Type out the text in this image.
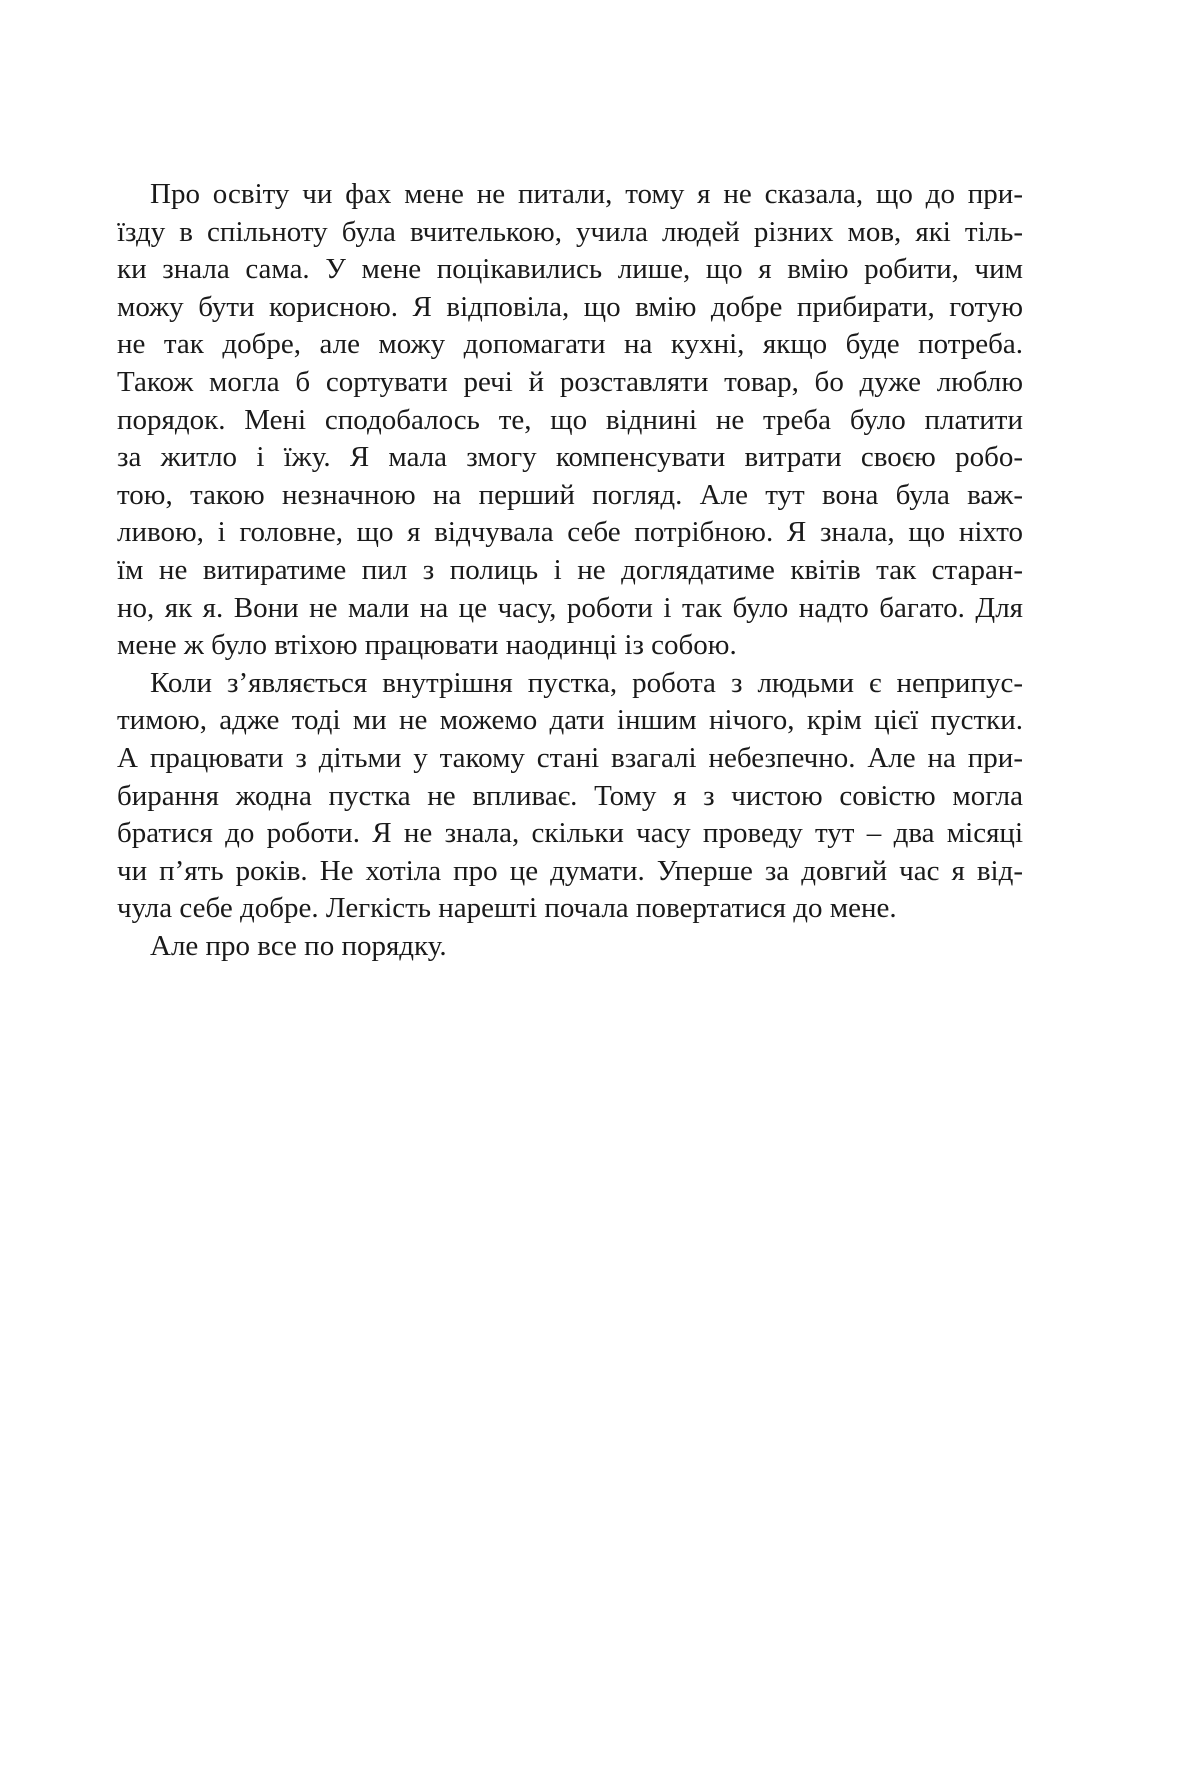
Про освіту чи фах мене не питали, тому я не сказала, що до при-
їзду в спільноту була вчителькою, учила людей різних мов, які тіль-
ки знала сама. У мене поцікавились лише, що я вмію робити, чим
можу бути корисною. Я відповіла, що вмію добре прибирати, готую
не так добре, але можу допомагати на кухні, якщо буде потреба.
Також могла б сортувати речі й розставляти товар, бо дуже люблю
порядок. Мені сподобалось те, що віднині не треба було платити
за житло і їжу. Я мала змогу компенсувати витрати своєю робо-
тою, такою незначною на перший погляд. Але тут вона була важ-
ливою, і головне, що я відчувала себе потрібною. Я знала, що ніхто
їм не витиратиме пил з полиць і не доглядатиме квітів так старан-
но, як я. Вони не мали на це часу, роботи і так було надто багато. Для
мене ж було втіхою працювати наодинці із собою.
Коли з’являється внутрішня пустка, робота з людьми є неприпус-
тимою, адже тоді ми не можемо дати іншим нічого, крім цієї пустки.
А працювати з дітьми у такому стані взагалі небезпечно. Але на при-
бирання жодна пустка не впливає. Тому я з чистою совістю могла
братися до роботи. Я не знала, скільки часу проведу тут – два місяці
чи п’ять років. Не хотіла про це думати. Уперше за довгий час я від-
чула себе добре. Легкість нарешті почала повертатися до мене.
Але про все по порядку.
